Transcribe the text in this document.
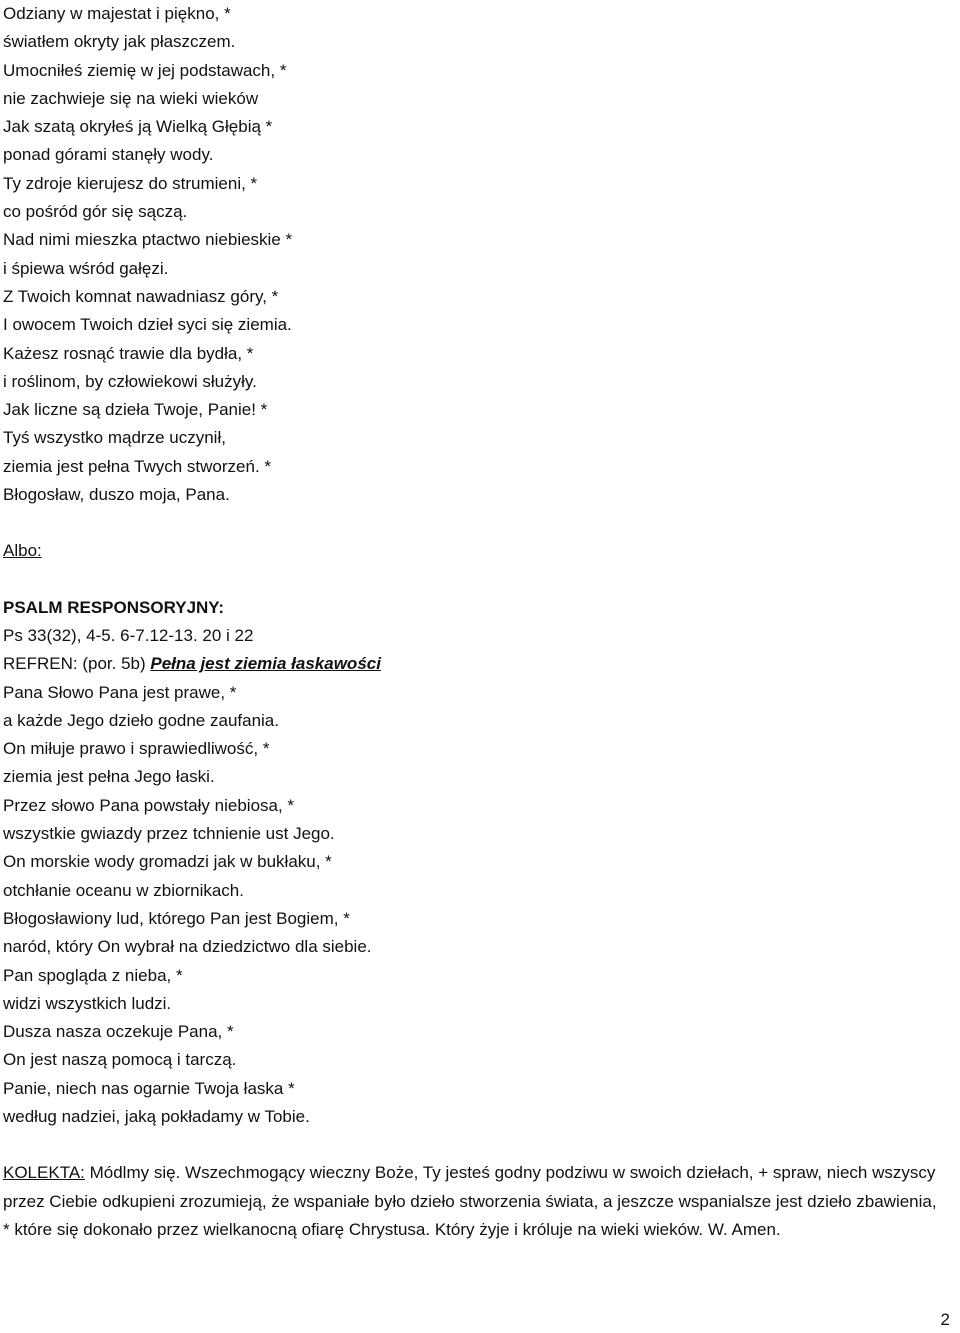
Odziany w majestat i piękno, *
światłem okryty jak płaszczem.
Umocniłeś ziemię w jej podstawach, *
nie zachwieje się na wieki wieków
Jak szatą okryłeś ją Wielką Głębią *
ponad górami stanęły wody.
Ty zdroje kierujesz do strumieni, *
co pośród gór się sączą.
Nad nimi mieszka ptactwo niebieskie *
i śpiewa wśród gałęzi.
Z Twoich komnat nawadniasz góry, *
I owocem Twoich dzieł syci się ziemia.
Każesz rosnąć trawie dla bydła, *
i roślinom, by człowiekowi służyły.
Jak liczne są dzieła Twoje, Panie! *
Tyś wszystko mądrze uczynił,
ziemia jest pełna Twych stworzeń. *
Błogosław, duszo moja, Pana.
Albo:
PSALM RESPONSORYJNY:
Ps 33(32), 4-5. 6-7.12-13. 20 i 22
REFREN: (por. 5b) Pełna jest ziemia łaskawości
Pana Słowo Pana jest prawe, *
a każde Jego dzieło godne zaufania.
On miłuje prawo i sprawiedliwość, *
ziemia jest pełna Jego łaski.
Przez słowo Pana powstały niebiosa, *
wszystkie gwiazdy przez tchnienie ust Jego.
On morskie wody gromadzi jak w bukłaku, *
otchłanie oceanu w zbiornikach.
Błogosławiony lud, którego Pan jest Bogiem, *
naród, który On wybrał na dziedzictwo dla siebie.
Pan spogląda z nieba, *
widzi wszystkich ludzi.
Dusza nasza oczekuje Pana, *
On jest naszą pomocą i tarczą.
Panie, niech nas ogarnie Twoja łaska *
według nadziei, jaką pokładamy w Tobie.

KOLEKTA: Módlmy się. Wszechmogący wieczny Boże, Ty jesteś godny podziwu w swoich dziełach, + spraw, niech wszyscy przez Ciebie odkupieni zrozumieją, że wspaniałe było dzieło stworzenia świata, a jeszcze wspanialsze jest dzieło zbawienia, * które się dokonało przez wielkanocną ofiarę Chrystusa. Który żyje i króluje na wieki wieków. W. Amen.

2
